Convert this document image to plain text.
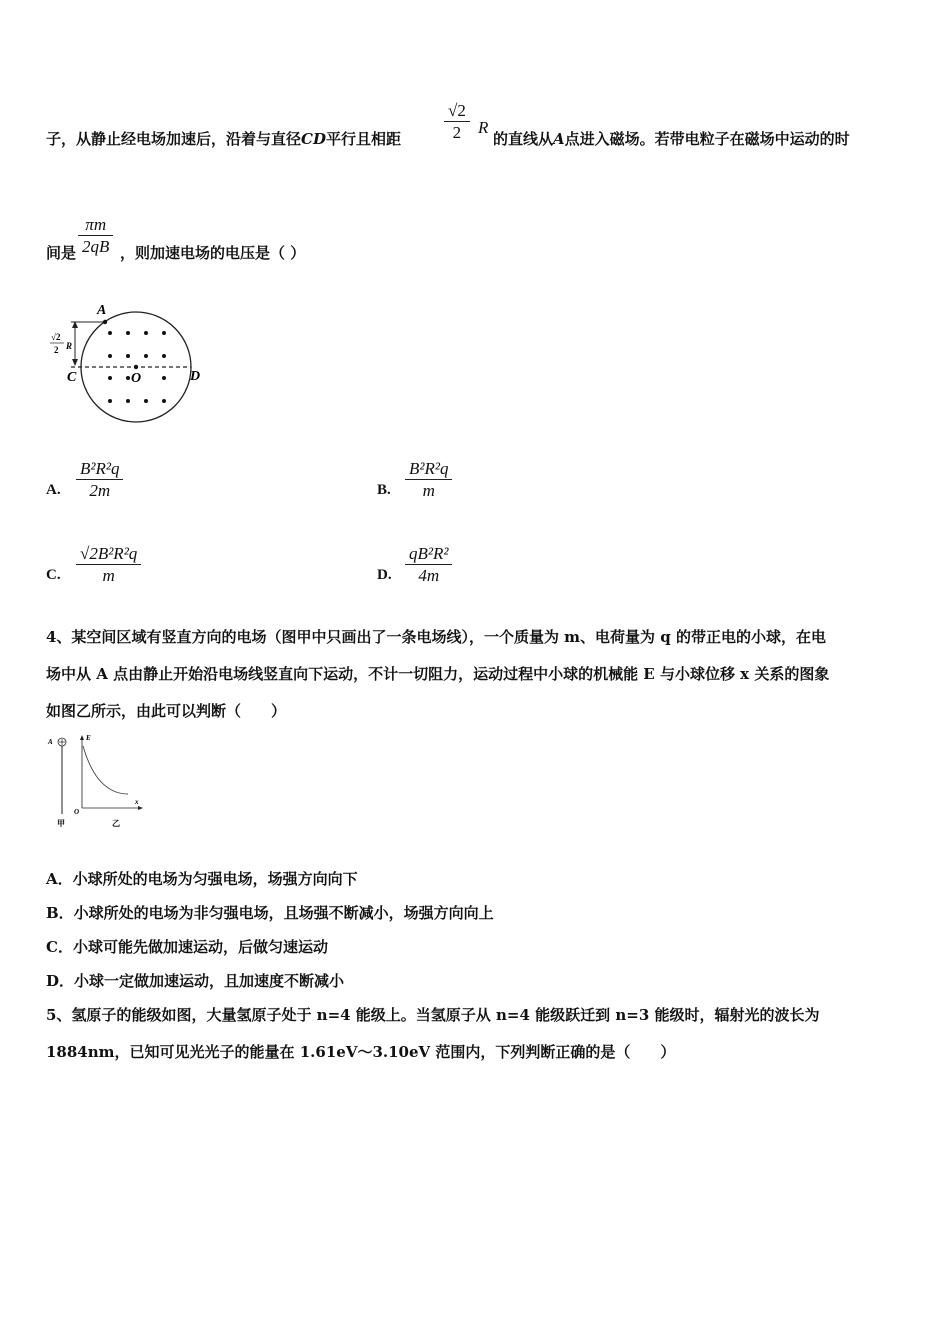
子，从静止经电场加速后，沿着与直径CD平行且相距	$\frac{√2}{2}$ R
的直线从A点进入磁场。若带电粒子在磁场中运动的时
间是 $\frac{\pi m}{2qB}$ ，则加速电场的电压是（ ）
A
C	O	D
√2
2 R
A. $\frac{\text{B²R²q}}{2m}$	B. $\frac{\text{B²R²q}}{m}$
C. $\frac{\text{√2B²R²q}}{m}$	D. $\frac{\text{qB²R²}}{4m}$
4、某空间区域有竖直方向的电场（图甲中只画出了一条电场线），一个质量为 m、电荷量为 q 的带正电的小球，在电
场中从 A 点由静止开始沿电场线竖直向下运动，不计一切阻力，运动过程中小球的机械能 E 与小球位移 x 关系的图象
如图乙所示，由此可以判断（　　）
A
甲
E
O
x
乙
A．小球所处的电场为匀强电场，场强方向向下
B．小球所处的电场为非匀强电场，且场强不断减小，场强方向向上
C．小球可能先做加速运动，后做匀速运动
D．小球一定做加速运动，且加速度不断减小
5、氢原子的能级如图，大量氢原子处于 n=4 能级上。当氢原子从 n=4 能级跃迁到 n=3 能级时，辐射光的波长为
1884nm，已知可见光光子的能量在 1.61eV～3.10eV 范围内，下列判断正确的是（　　）
